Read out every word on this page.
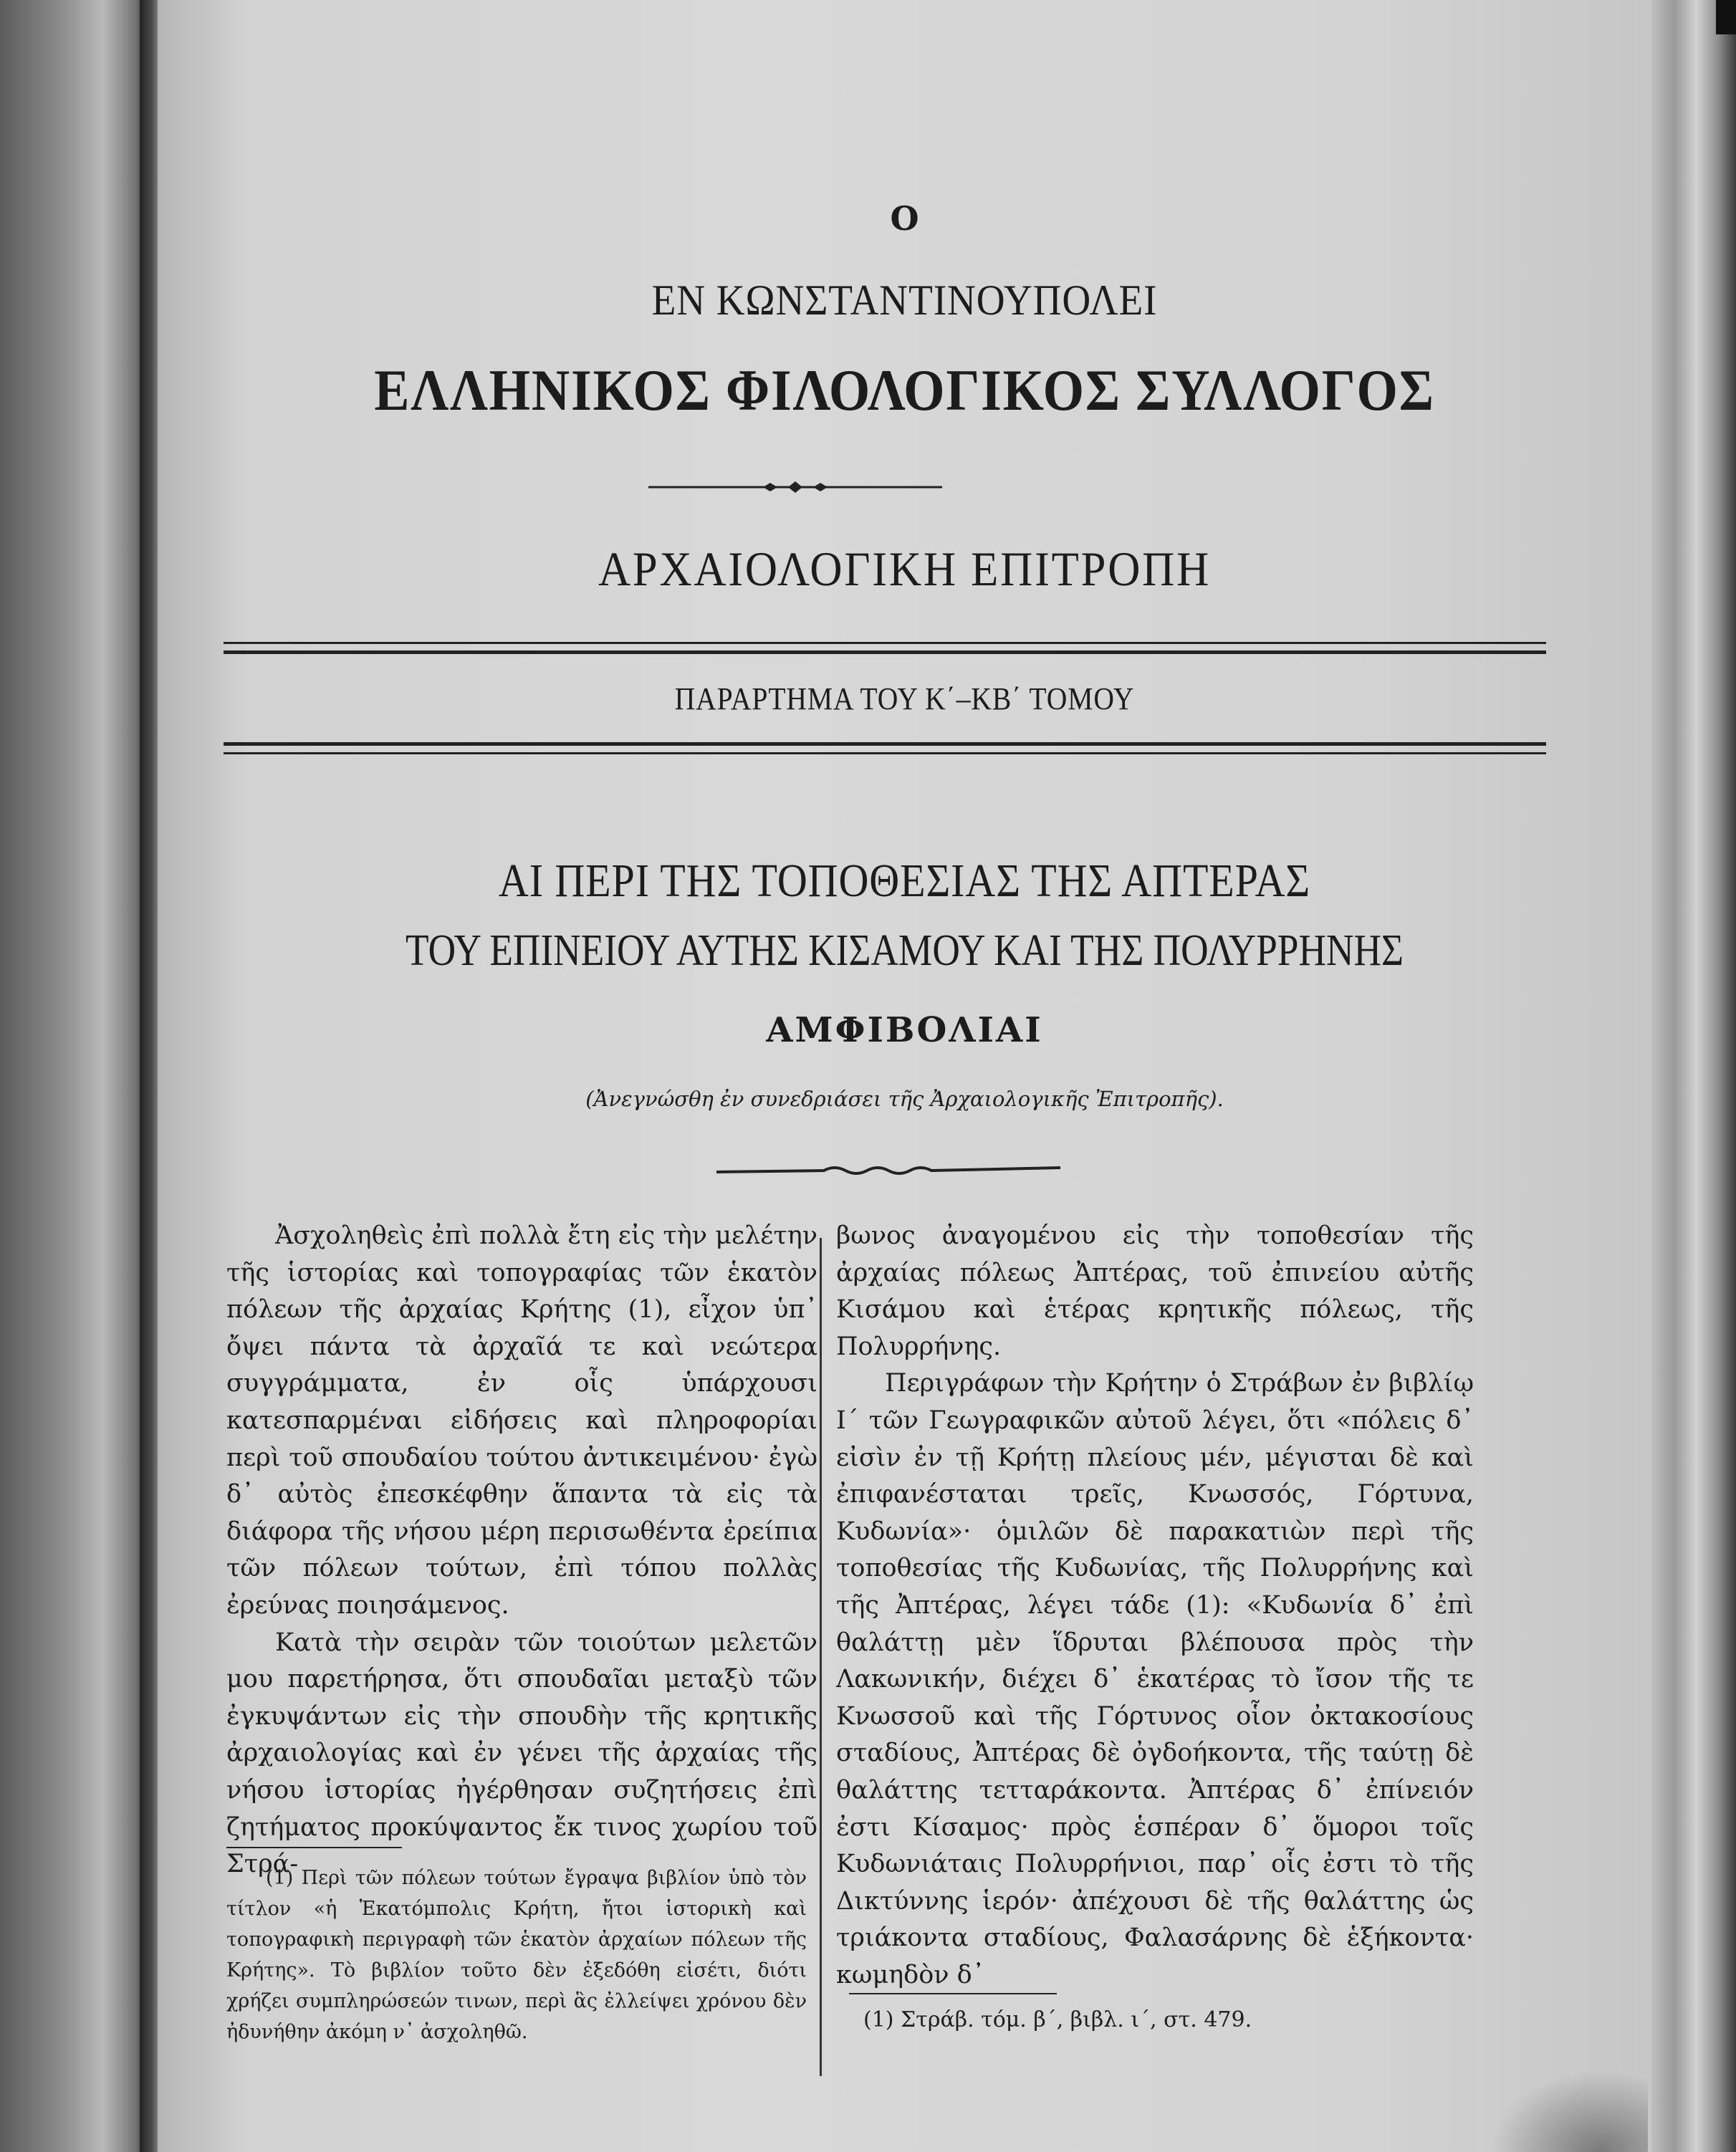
Ο
ΕΝ ΚΩΝΣΤΑΝΤΙΝΟΥΠΟΛΕΙ
ΕΛΛΗΝΙΚΟΣ ΦΙΛΟΛΟΓΙΚΟΣ ΣΥΛΛΟΓΟΣ
ΑΡΧΑΙΟΛΟΓΙΚΗ ΕΠΙΤΡΟΠΗ
ΠΑΡΑΡΤΗΜΑ ΤΟΥ Κ΄–ΚΒ΄ ΤΟΜΟΥ
ΑΙ ΠΕΡΙ ΤΗΣ ΤΟΠΟΘΕΣΙΑΣ ΤΗΣ ΑΠΤΕΡΑΣ
ΤΟΥ ΕΠΙΝΕΙΟΥ ΑΥΤΗΣ ΚΙΣΑΜΟΥ ΚΑΙ ΤΗΣ ΠΟΛΥΡΡΗΝΗΣ
ΑΜΦΙΒΟΛΙΑΙ
(Ἀνεγνώσθη ἐν συνεδριάσει τῆς Ἀρχαιολογικῆς Ἐπιτροπῆς).

Ἀσχοληθεὶς ἐπὶ πολλὰ ἔτη εἰς τὴν μελέτην τῆς ἱστορίας καὶ τοπογραφίας τῶν ἑκατὸν πόλεων τῆς ἀρχαίας Κρήτης (1), εἶχον ὑπ᾽ ὄψει πάντα τὰ ἀρχαῖά τε καὶ νεώτερα συγγράμματα, ἐν οἷς ὑπάρχουσι κατεσπαρμέναι εἰδήσεις καὶ πληροφορίαι περὶ τοῦ σπουδαίου τούτου ἀντικειμένου· ἐγὼ δ᾽ αὐτὸς ἐπεσκέφθην ἅπαντα τὰ εἰς τὰ διάφορα τῆς νήσου μέρη περισωθέντα ἐρείπια τῶν πόλεων τούτων, ἐπὶ τόπου πολλὰς ἐρεύνας ποιησάμενος.

Κατὰ τὴν σειρὰν τῶν τοιούτων μελετῶν μου παρετήρησα, ὅτι σπουδαῖαι μεταξὺ τῶν ἐγκυψάντων εἰς τὴν σπουδὴν τῆς κρητικῆς ἀρχαιολογίας καὶ ἐν γένει τῆς ἀρχαίας τῆς νήσου ἱστορίας ἠγέρθησαν συζητήσεις ἐπὶ ζητήματος προκύψαντος ἔκ τινος χωρίου τοῦ Στρά-

βωνος ἀναγομένου εἰς τὴν τοποθεσίαν τῆς ἀρχαίας πόλεως Ἀπτέρας, τοῦ ἐπινείου αὐτῆς Κισάμου καὶ ἑτέρας κρητικῆς πόλεως, τῆς Πολυρρήνης.

Περιγράφων τὴν Κρήτην ὁ Στράβων ἐν βιβλίῳ Ι΄ τῶν Γεωγραφικῶν αὐτοῦ λέγει, ὅτι «πόλεις δ᾽ εἰσὶν ἐν τῇ Κρήτῃ πλείους μέν, μέγισται δὲ καὶ ἐπιφανέσταται τρεῖς, Κνωσσός, Γόρτυνα, Κυδωνία»· ὁμιλῶν δὲ παρακατιὼν περὶ τῆς τοποθεσίας τῆς Κυδωνίας, τῆς Πολυρρήνης καὶ τῆς Ἀπτέρας, λέγει τάδε (1): «Κυδωνία δ᾽ ἐπὶ θαλάττῃ μὲν ἵδρυται βλέπουσα πρὸς τὴν Λακωνικήν, διέχει δ᾽ ἑκατέρας τὸ ἴσον τῆς τε Κνωσσοῦ καὶ τῆς Γόρτυνος οἷον ὀκτακοσίους σταδίους, Ἀπτέρας δὲ ὀγδοήκοντα, τῆς ταύτῃ δὲ θαλάττης τετταράκοντα. Ἀπτέρας δ᾽ ἐπίνειόν ἐστι Κίσαμος· πρὸς ἑσπέραν δ᾽ ὅμοροι τοῖς Κυδωνιάταις Πολυρρήνιοι, παρ᾽ οἷς ἐστι τὸ τῆς Δικτύννης ἱερόν· ἀπέχουσι δὲ τῆς θαλάττης ὡς τριάκοντα σταδίους, Φαλασάρνης δὲ ἑξήκοντα· κωμηδὸν δ᾽

(1) Περὶ τῶν πόλεων τούτων ἔγραψα βιβλίον ὑπὸ τὸν τίτλον «ἡ Ἑκατόμπολις Κρήτη, ἤτοι ἱστορικὴ καὶ τοπογραφικὴ περιγραφὴ τῶν ἑκατὸν ἀρχαίων πόλεων τῆς Κρήτης». Τὸ βιβλίον τοῦτο δὲν ἐξεδόθη εἰσέτι, διότι χρήζει συμπληρώσεών τινων, περὶ ἃς ἐλλείψει χρόνου δὲν ἠδυνήθην ἀκόμη ν᾽ ἀσχοληθῶ.	(1) Στράβ. τόμ. β΄, βιβλ. ι΄, στ. 479.
